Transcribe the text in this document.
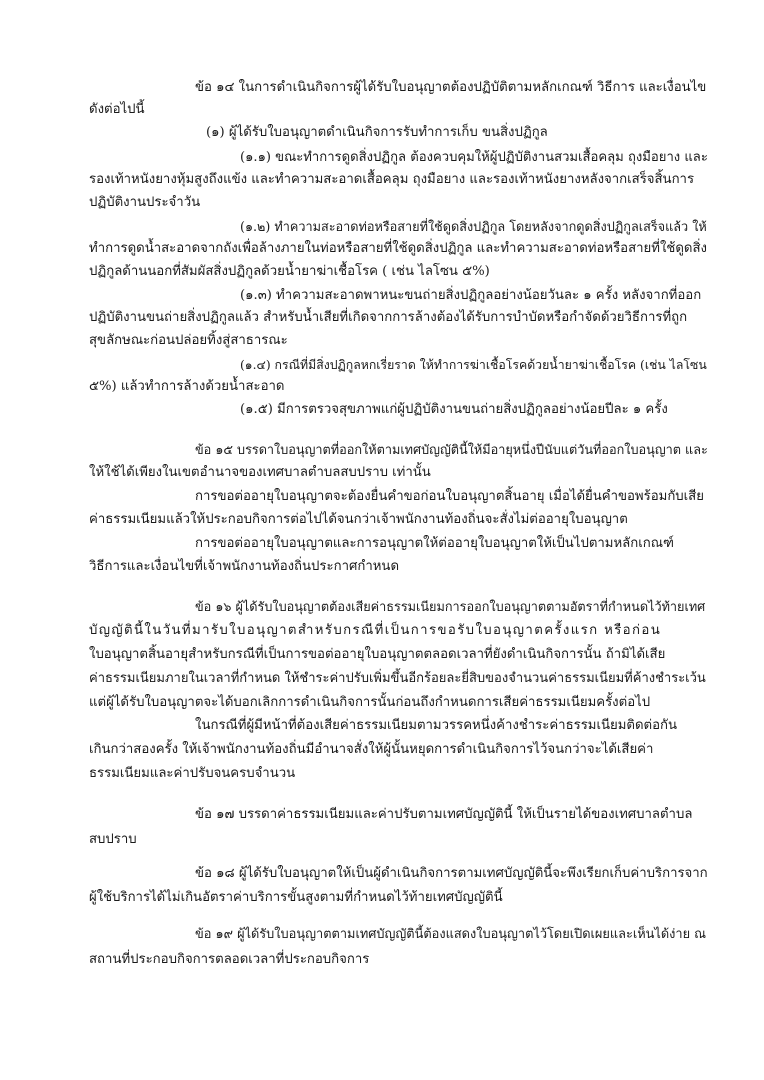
ข้อ ๑๔ ในการดำเนินกิจการผู้ได้รับใบอนุญาตต้องปฏิบัติตามหลักเกณฑ์ วิธีการ และเงื่อนไข
ดังต่อไปนี้
(๑) ผู้ได้รับใบอนุญาตดำเนินกิจการรับทำการเก็บ ขนสิ่งปฏิกูล
(๑.๑) ขณะทำการดูดสิ่งปฏิกูล ต้องควบคุมให้ผู้ปฏิบัติงานสวมเสื้อคลุม ถุงมือยาง และ
รองเท้าหนังยางหุ้มสูงถึงแข้ง และทำความสะอาดเสื้อคลุม ถุงมือยาง และรองเท้าหนังยางหลังจากเสร็จสิ้นการ
ปฏิบัติงานประจำวัน
(๑.๒) ทำความสะอาดท่อหรือสายที่ใช้ดูดสิ่งปฏิกูล โดยหลังจากดูดสิ่งปฏิกูลเสร็จแล้ว ให้
ทำการดูดน้ำสะอาดจากถังเพื่อล้างภายในท่อหรือสายที่ใช้ดูดสิ่งปฏิกูล และทำความสะอาดท่อหรือสายที่ใช้ดูดสิ่ง
ปฏิกูลด้านนอกที่สัมผัสสิ่งปฏิกูลด้วยน้ำยาฆ่าเชื้อโรค ( เช่น ไลโซน ๕%)
(๑.๓) ทำความสะอาดพาหนะขนถ่ายสิ่งปฏิกูลอย่างน้อยวันละ ๑ ครั้ง หลังจากที่ออก
ปฏิบัติงานขนถ่ายสิ่งปฏิกูลแล้ว สำหรับน้ำเสียที่เกิดจากการล้างต้องได้รับการบำบัดหรือกำจัดด้วยวิธีการที่ถูก
สุขลักษณะก่อนปล่อยทิ้งสู่สาธารณะ
(๑.๔) กรณีที่มีสิ่งปฏิกูลหกเรี่ยราด ให้ทำการฆ่าเชื้อโรคด้วยน้ำยาฆ่าเชื้อโรค (เช่น ไลโซน
๕%) แล้วทำการล้างด้วยน้ำสะอาด
(๑.๕) มีการตรวจสุขภาพแก่ผู้ปฏิบัติงานขนถ่ายสิ่งปฏิกูลอย่างน้อยปีละ ๑ ครั้ง
ข้อ ๑๕ บรรดาใบอนุญาตที่ออกให้ตามเทศบัญญัตินี้ให้มีอายุหนึ่งปีนับแต่วันที่ออกใบอนุญาต และ
ให้ใช้ได้เพียงในเขตอำนาจของเทศบาลตำบลสบปราบ เท่านั้น
การขอต่ออายุใบอนุญาตจะต้องยื่นคำขอก่อนใบอนุญาตสิ้นอายุ เมื่อได้ยื่นคำขอพร้อมกับเสีย
ค่าธรรมเนียมแล้วให้ประกอบกิจการต่อไปได้จนกว่าเจ้าพนักงานท้องถิ่นจะสั่งไม่ต่ออายุใบอนุญาต
การขอต่ออายุใบอนุญาตและการอนุญาตให้ต่ออายุใบอนุญาตให้เป็นไปตามหลักเกณฑ์
วิธีการและเงื่อนไขที่เจ้าพนักงานท้องถิ่นประกาศกำหนด
ข้อ ๑๖ ผู้ได้รับใบอนุญาตต้องเสียค่าธรรมเนียมการออกใบอนุญาตตามอัตราที่กำหนดไว้ท้ายเทศ
บัญญัตินี้ในวันที่มารับใบอนุญาตสำหรับกรณีที่เป็นการขอรับใบอนุญาตครั้งแรก หรือก่อน
ใบอนุญาตสิ้นอายุสำหรับกรณีที่เป็นการขอต่ออายุใบอนุญาตตลอดเวลาที่ยังดำเนินกิจการนั้น ถ้ามิได้เสีย
ค่าธรรมเนียมภายในเวลาที่กำหนด ให้ชำระค่าปรับเพิ่มขึ้นอีกร้อยละยี่สิบของจำนวนค่าธรรมเนียมที่ค้างชำระเว้น
แต่ผู้ได้รับใบอนุญาตจะได้บอกเลิกการดำเนินกิจการนั้นก่อนถึงกำหนดการเสียค่าธรรมเนียมครั้งต่อไป
ในกรณีที่ผู้มีหน้าที่ต้องเสียค่าธรรมเนียมตามวรรคหนึ่งค้างชำระค่าธรรมเนียมติดต่อกัน
เกินกว่าสองครั้ง ให้เจ้าพนักงานท้องถิ่นมีอำนาจสั่งให้ผู้นั้นหยุดการดำเนินกิจการไว้จนกว่าจะได้เสียค่า
ธรรมเนียมและค่าปรับจนครบจำนวน
ข้อ ๑๗ บรรดาค่าธรรมเนียมและค่าปรับตามเทศบัญญัตินี้ ให้เป็นรายได้ของเทศบาลตำบล
สบปราบ
ข้อ ๑๘ ผู้ได้รับใบอนุญาตให้เป็นผู้ดำเนินกิจการตามเทศบัญญัตินี้จะพึงเรียกเก็บค่าบริการจาก
ผู้ใช้บริการได้ไม่เกินอัตราค่าบริการขั้นสูงตามที่กำหนดไว้ท้ายเทศบัญญัตินี้
ข้อ ๑๙ ผู้ได้รับใบอนุญาตตามเทศบัญญัตินี้ต้องแสดงใบอนุญาตไว้โดยเปิดเผยและเห็นได้ง่าย ณ
สถานที่ประกอบกิจการตลอดเวลาที่ประกอบกิจการ
